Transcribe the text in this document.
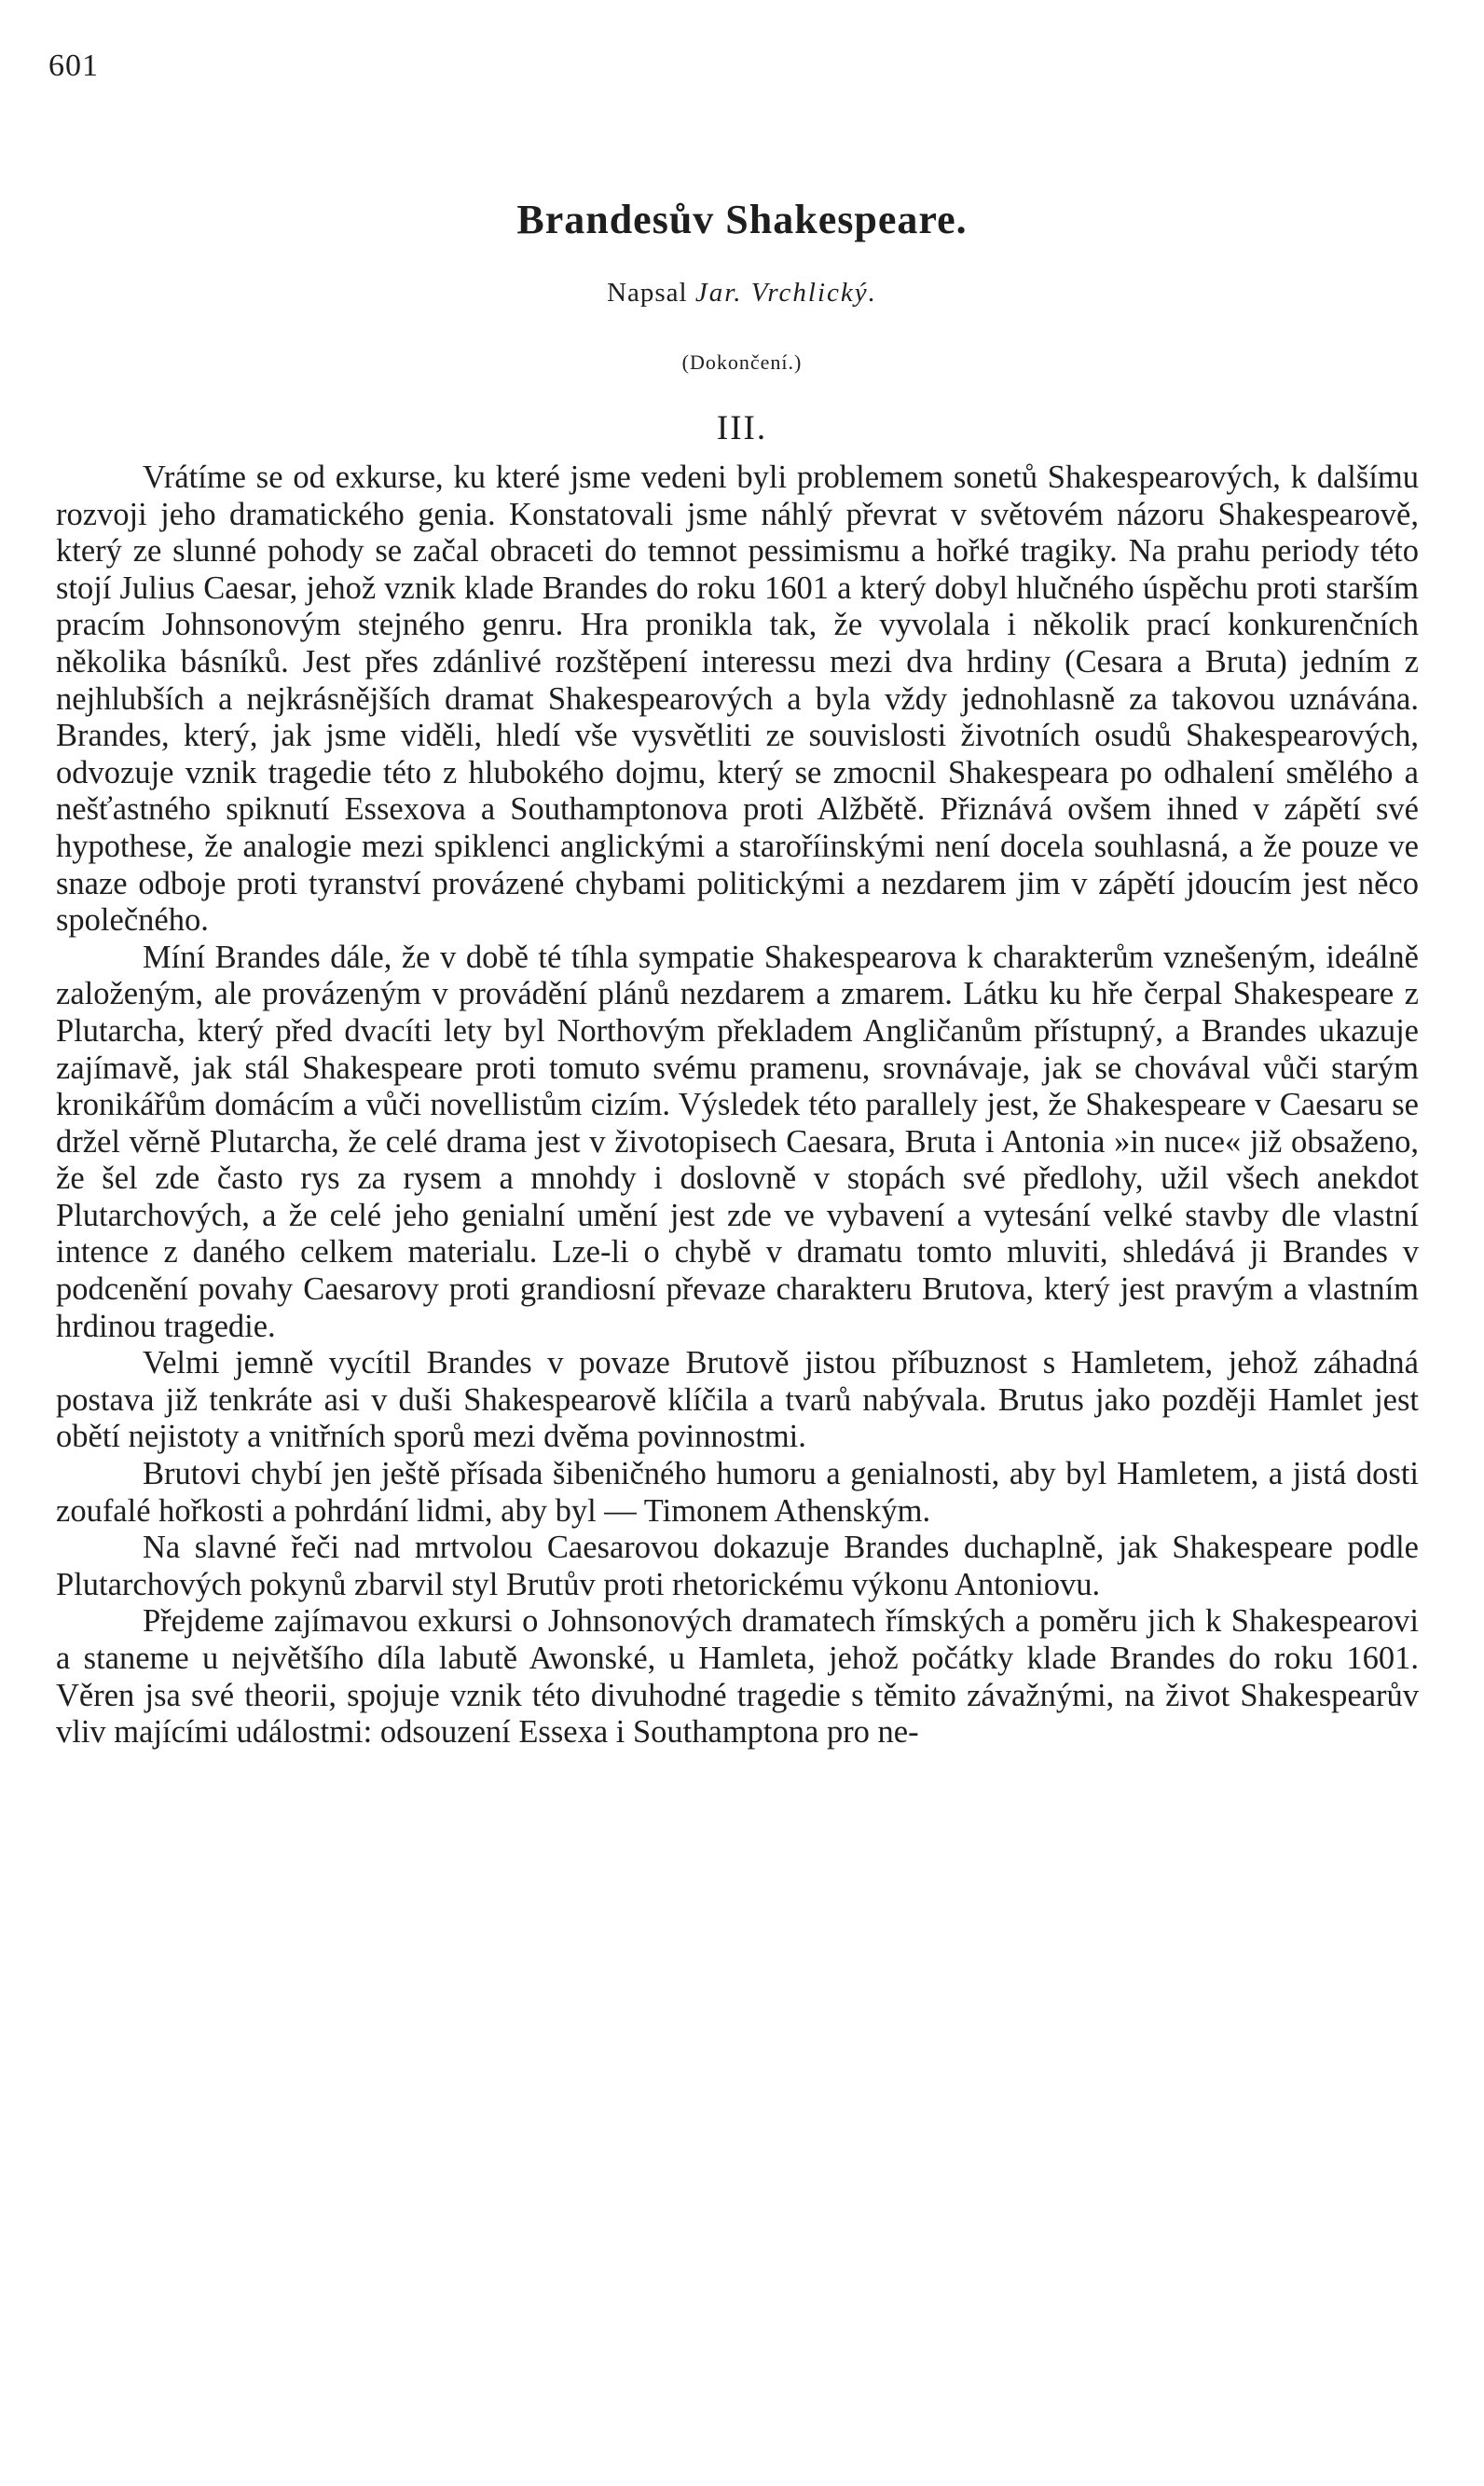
601
Brandesův Shakespeare.
Napsal Jar. Vrchlický.
(Dokončení.)
III.

Vrátíme se od exkurse, ku které jsme vedeni byli problemem sonetů Shakespearových, k dalšímu rozvoji jeho dramatického genia. Konstatovali jsme náhlý převrat v světovém názoru Shakespearově, který ze slunné pohody se začal obraceti do temnot pessimismu a hořké tragiky. Na prahu periody této stojí Julius Caesar, jehož vznik klade Brandes do roku 1601 a který dobyl hlučného úspěchu proti starším pracím Johnsonovým stejného genru. Hra pronikla tak, že vyvolala i několik prací konkurenčních několika básníků. Jest přes zdánlivé rozštěpení interessu mezi dva hrdiny (Cesara a Bruta) jedním z nejhlubších a nejkrásnějších dramat Shakespearových a byla vždy jednohlasně za takovou uznávána. Brandes, který, jak jsme viděli, hledí vše vysvětliti ze souvislosti životních osudů Shakespearových, odvozuje vznik tragedie této z hlubokého dojmu, který se zmocnil Shakespeara po odhalení smělého a nešťastného spiknutí Essexova a Southamptonova proti Alžbětě. Přiznává ovšem ihned v zápětí své hypothese, že analogie mezi spiklenci anglickými a staroříinskými není docela souhlasná, a že pouze ve snaze odboje proti tyranství provázené chybami politickými a nezdarem jim v zápětí jdoucím jest něco společného.

Míní Brandes dále, že v době té tíhla sympatie Shakespearova k charakterům vznešeným, ideálně založeným, ale provázeným v provádění plánů nezdarem a zmarem. Látku ku hře čerpal Shakespeare z Plutarcha, který před dvacíti lety byl Northovým překladem Angličanům přístupný, a Brandes ukazuje zajímavě, jak stál Shakespeare proti tomuto svému pramenu, srovnávaje, jak se chovával vůči starým kronikářům domácím a vůči novellistům cizím. Výsledek této parallely jest, že Shakespeare v Caesaru se držel věrně Plutarcha, že celé drama jest v životopisech Caesara, Bruta i Antonia »in nuce« již obsaženo, že šel zde často rys za rysem a mnohdy i doslovně v stopách své předlohy, užil všech anekdot Plutarchových, a že celé jeho genialní umění jest zde ve vybavení a vytesání velké stavby dle vlastní intence z daného celkem materialu. Lze-li o chybě v dramatu tomto mluviti, shledává ji Brandes v podcenění povahy Caesarovy proti grandiosní převaze charakteru Brutova, který jest pravým a vlastním hrdinou tragedie.

Velmi jemně vycítil Brandes v povaze Brutově jistou příbuznost s Hamletem, jehož záhadná postava již tenkráte asi v duši Shakespearově klíčila a tvarů nabývala. Brutus jako později Hamlet jest obětí nejistoty a vnitřních sporů mezi dvěma povinnostmi.

Brutovi chybí jen ještě přísada šibeničného humoru a genialnosti, aby byl Hamletem, a jistá dosti zoufalé hořkosti a pohrdání lidmi, aby byl — Timonem Athenským.

Na slavné řeči nad mrtvolou Caesarovou dokazuje Brandes duchaplně, jak Shakespeare podle Plutarchových pokynů zbarvil styl Brutův proti rhetorickému výkonu Antoniovu.

Přejdeme zajímavou exkursi o Johnsonových dramatech římských a poměru jich k Shakespearovi a staneme u největšího díla labutě Awonské, u Hamleta, jehož počátky klade Brandes do roku 1601. Věren jsa své theorii, spojuje vznik této divuhodné tragedie s těmito závažnými, na život Shakespearův vliv majícími událostmi: odsouzení Essexa i Southamptona pro ne-
